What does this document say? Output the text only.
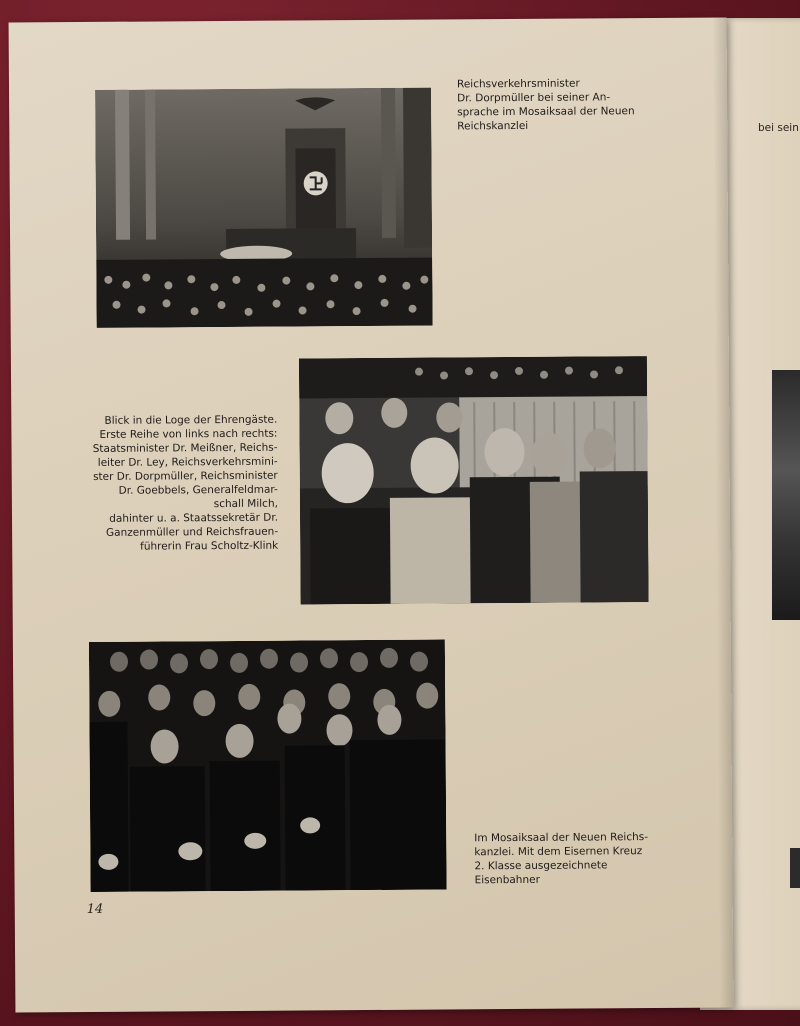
bei sein
Reichsverkehrsminister
Dr. Dorpmüller bei seiner An-
sprache im Mosaiksaal der Neuen
Reichskanzlei
Blick in die Loge der Ehrengäste.
Erste Reihe von links nach rechts:
Staatsminister Dr. Meißner, Reichs-
leiter Dr. Ley, Reichsverkehrsmini-
ster Dr. Dorpmüller, Reichsminister
Dr. Goebbels, Generalfeldmar-
schall Milch,
dahinter u. a. Staatssekretär Dr.
Ganzenmüller und Reichsfrauen-
führerin Frau Scholtz-Klink
Im Mosaiksaal der Neuen Reichs-
kanzlei. Mit dem Eisernen Kreuz
2. Klasse ausgezeichnete
Eisenbahner
14
